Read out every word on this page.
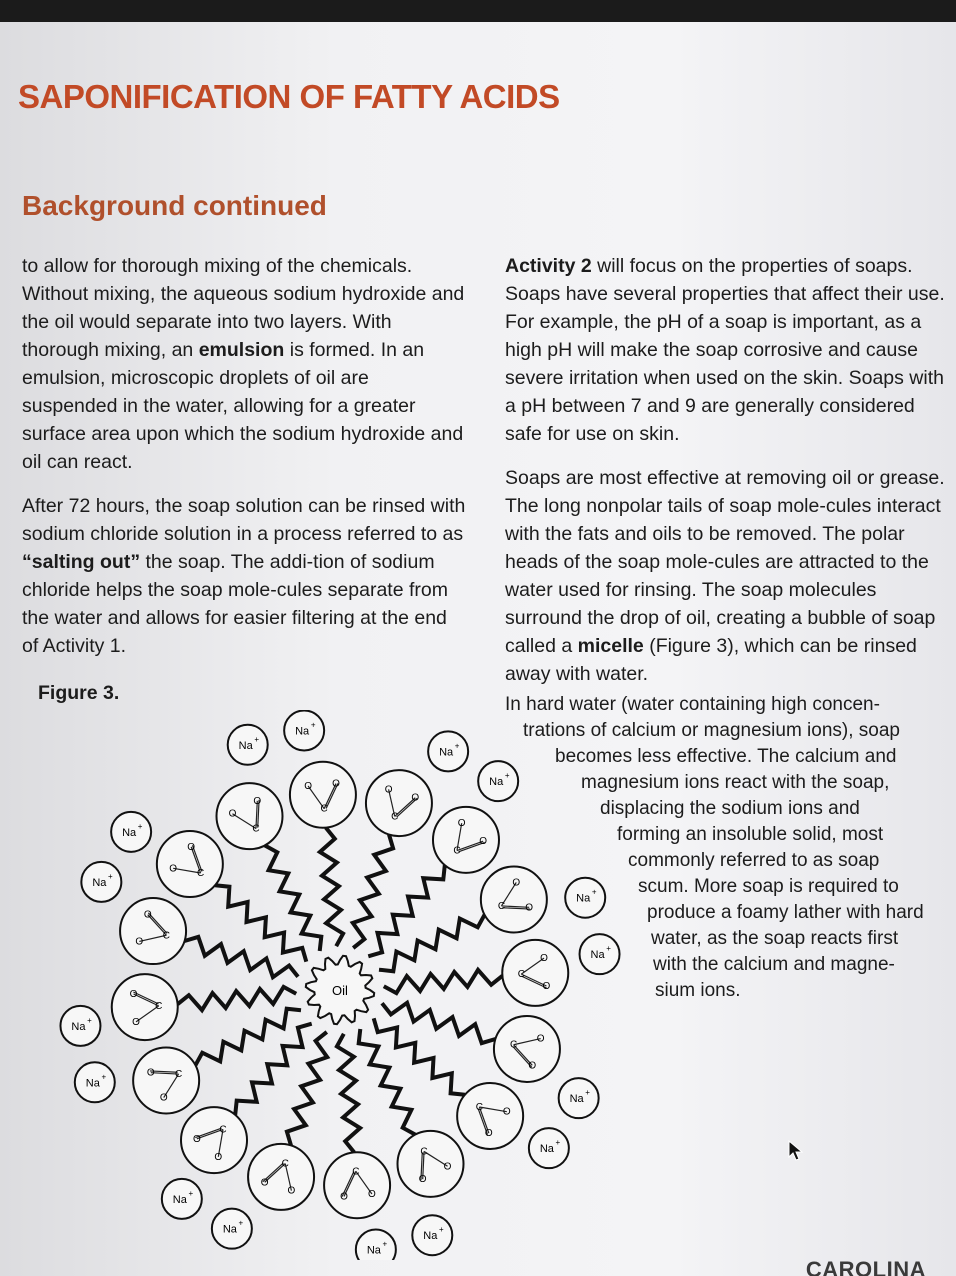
SAPONIFICATION OF FATTY ACIDS
Background continued

to allow for thorough mixing of the chemicals. Without mixing, the aqueous sodium hydroxide and the oil would separate into two layers. With thorough mixing, an emulsion is formed. In an emulsion, microscopic droplets of oil are suspended in the water, allowing for a greater surface area upon which the sodium hydroxide and oil can react.

After 72 hours, the soap solution can be rinsed with sodium chloride solution in a process referred to as “salting out” the soap. The addi-tion of sodium chloride helps the soap mole-cules separate from the water and allows for easier filtering at the end of Activity 1.

Figure 3.

Activity 2 will focus on the properties of soaps. Soaps have several properties that affect their use. For example, the pH of a soap is important, as a high pH will make the soap corrosive and cause severe irritation when used on the skin. Soaps with a pH between 7 and 9 are generally considered safe for use on skin.

Soaps are most effective at removing oil or grease. The long nonpolar tails of soap mole-cules interact with the fats and oils to be removed. The polar heads of the soap mole-cules are attracted to the water used for rinsing. The soap molecules surround the drop of oil, creating a bubble of soap called a micelle (Figure 3), which can be rinsed away with water.

In hard water (water containing high concen-
trations of calcium or magnesium ions), soap
becomes less effective. The calcium and
magnesium ions react with the soap,
displacing the sodium ions and
forming an insoluble solid, most
commonly referred to as soap
scum. More soap is required to
produce a foamy lather with hard
water, as the soap reacts first
with the calcium and magne-
sium ions.
C
O
O
Na
+
C
O
O
Na
+
C
O
O
Na
+
C O
O
Na
+
C
O
O	Na
+
C
O
O
Na
+
C
O
O
Na
+
C
O
O
Na
+
C
O O
Na
+
C
O
O
Na
+
C
O
O
Na
+
C
O
O
Na
+
C
O
O
Na
+
C
O
O
Na
+	C
O
O
Na
+	C
O
O
Na
+
Oil
CAROLINA
